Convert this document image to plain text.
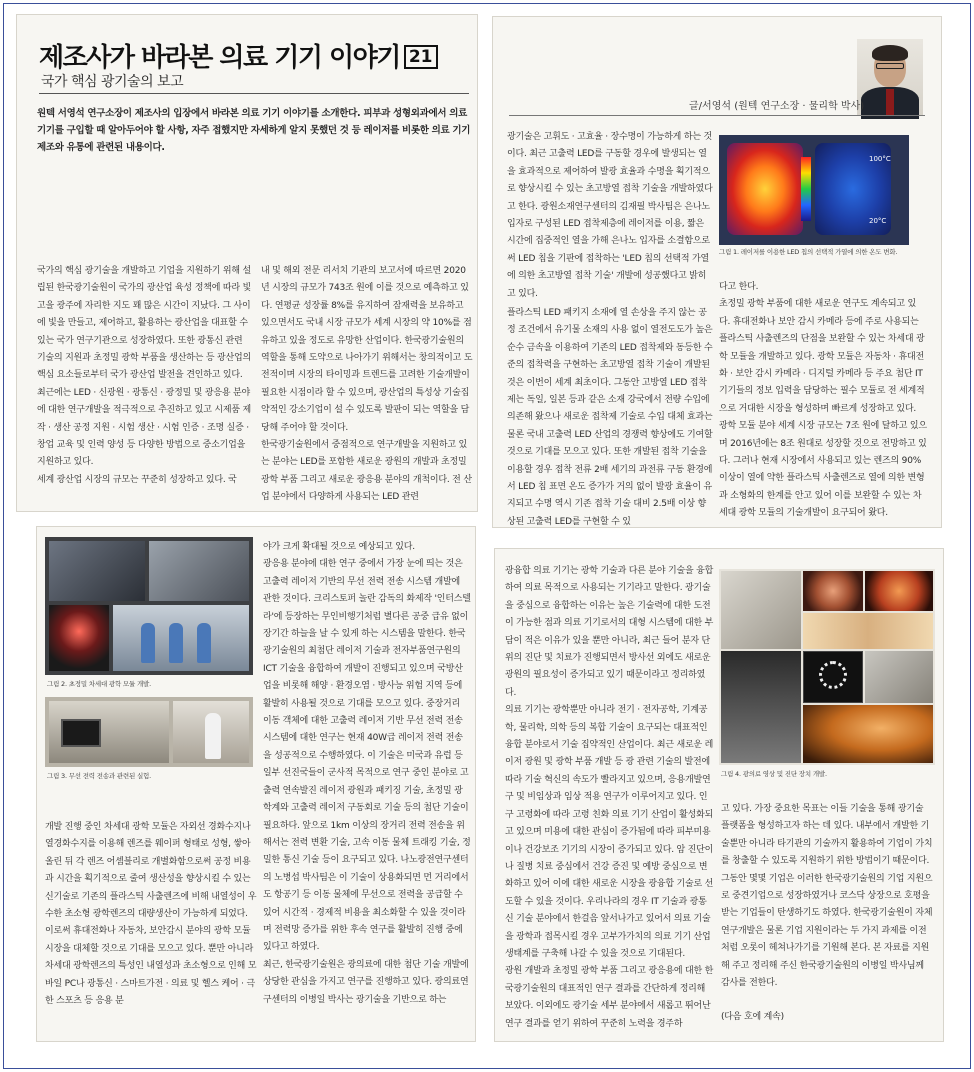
제조사가 바라본 의료 기기 이야기 21
국가 핵심 광기술의 보고
원텍 서영석 연구소장이 제조사의 입장에서 바라본 의료 기기 이야기를 소개한다. 피부과 성형외과에서 의료 기기를 구입할 때 알아두어야 할 사항, 자주 접했지만 자세하게 알지 못했던 것 등 레이저를 비롯한 의료 기기 제조와 유통에 관련된 내용이다.
국가의 핵심 광기술을 개발하고 기업을 지원하기 위해 설립된 한국광기술원이 국가의 광산업 육성 정책에 따라 빛고을 광주에 자리한 지도 꽤 많은 시간이 지났다. 그 사이에 빛을 만들고, 제어하고, 활용하는 광산업을 대표할 수 있는 국가 연구기관으로 성장하였다. 또한 광통신 관련 기술의 지원과 초정밀 광학 부품을 생산하는 등 광산업의 핵심 요소들로부터 국가 광산업 발전을 견인하고 있다. 최근에는 LED · 신광원 · 광통신 · 광정밀 및 광응용 분야에 대한 연구개발을 적극적으로 추진하고 있고 시제품 제작 · 생산 공정 지원 · 시험 생산 · 시험 인증 · 조명 실증 · 창업 교육 및 인력 양성 등 다양한 방법으로 중소기업을 지원하고 있다.
세계 광산업 시장의 규모는 꾸준히 성장하고 있다. 국
내 및 해외 전문 리서치 기관의 보고서에 따르면 2020년 시장의 규모가 743조 원에 이를 것으로 예측하고 있다. 연평균 성장률 8%를 유지하여 잠재력을 보유하고 있으면서도 국내 시장 규모가 세계 시장의 약 10%를 점유하고 있을 정도로 유망한 산업이다. 한국광기술원의 역할을 통해 도약으로 나아가기 위해서는 창의적이고 도전적이며 시장의 타이밍과 트렌드를 고려한 기술개발이 필요한 시점이라 할 수 있으며, 광산업의 특성상 기술집약적인 강소기업이 설 수 있도록 발판이 되는 역할을 담당해 주어야 할 것이다.
한국광기술원에서 중점적으로 연구개발을 지원하고 있는 분야는 LED를 포함한 새로운 광원의 개발과 초정밀 광학 부품 그리고 새로운 광응용 분야의 개척이다. 전 산업 분야에서 다양하게 사용되는 LED 관련
글/서영석 (원텍 연구소장 · 물리학 박사)
광기술은 고휘도 · 고효율 · 장수명이 가능하게 하는 것이다. 최근 고출력 LED를 구동할 경우에 발생되는 열을 효과적으로 제어하여 발광 효율과 수명을 획기적으로 향상시킬 수 있는 초고방열 접착 기술을 개발하였다고 한다. 광원소재연구센터의 김재필 박사팀은 은나노 입자로 구성된 LED 접착제층에 레이저를 이용, 짧은 시간에 집중적인 열을 가해 은나노 입자를 소결함으로써 LED 칩을 기판에 접착하는 'LED 칩의 선택적 가열에 의한 초고방열 접착 기술' 개발에 성공했다고 밝히고 있다.
100°C
20°C
그림 1. 레이저를 이용한 LED 칩의 선택적 가열에 의한 온도 변화.
플라스틱 LED 패키지 소재에 열 손상을 주지 않는 공정 조건에서 유기물 소재의 사용 없이 열전도도가 높은 순수 금속을 이용하여 기존의 LED 접착제와 동등한 수준의 접착력을 구현하는 초고방열 접착 기술이 개발된 것은 이번이 세계 최초이다. 그동안 고방열 LED 접착제는 독일, 일본 등과 같은 소재 강국에서 전량 수입에 의존해 왔으나 새로운 접착제 기술로 수입 대체 효과는 물론 국내 고출력 LED 산업의 경쟁력 향상에도 기여할 것으로 기대를 모으고 있다. 또한 개발된 접착 기술을 이용할 경우 접착 전류 2배 세기의 과전류 구동 환경에서 LED 칩 표면 온도 증가가 거의 없이 발광 효율이 유지되고 수명 역시 기존 접착 기술 대비 2.5배 이상 향상된 고출력 LED를 구현할 수 있
다고 한다.
초정밀 광학 부품에 대한 새로운 연구도 계속되고 있다. 휴대전화나 보안 감시 카메라 등에 주로 사용되는 플라스틱 사출렌즈의 단점을 보완할 수 있는 차세대 광학 모듈을 개발하고 있다. 광학 모듈은 자동차 · 휴대전화 · 보안 감시 카메라 · 디지털 카메라 등 주요 첨단 IT 기기들의 정보 입력을 담당하는 필수 모듈로 전 세계적으로 거대한 시장을 형성하며 빠르게 성장하고 있다. 광학 모듈 분야 세계 시장 규모는 7조 원에 달하고 있으며 2016년에는 8조 원대로 성장할 것으로 전망하고 있다. 그러나 현재 시장에서 사용되고 있는 렌즈의 90% 이상이 열에 약한 플라스틱 사출렌즈로 열에 의한 변형과 소형화의 한계를 안고 있어 이를 보완할 수 있는 차세대 광학 모듈의 기술개발이 요구되어 왔다.
그림 2. 초정밀 차세대 광학 모듈 개발.
그림 3. 무선 전력 전송과 관련된 실험.
개발 진행 중인 차세대 광학 모듈은 자외선 경화수지나 열경화수지를 이용해 렌즈를 웨이퍼 형태로 성형, 쌓아올린 뒤 각 렌즈 어셈블리로 개별화함으로써 공정 비용과 시간을 획기적으로 줄여 생산성을 향상시킬 수 있는 신기술로 기존의 플라스틱 사출렌즈에 비해 내열성이 우수한 초소형 광학렌즈의 대량생산이 가능하게 되었다. 이로써 휴대전화나 자동차, 보안감시 분야의 광학 모듈 시장을 대체할 것으로 기대를 모으고 있다. 뿐만 아니라 차세대 광학렌즈의 특성인 내열성과 초소형으로 인해 모바일 PC나 광통신 · 스마트가전 · 의료 및 헬스 케어 · 극한 스포츠 등 응용 분
야가 크게 확대될 것으로 예상되고 있다.
광응용 분야에 대한 연구 중에서 가장 눈에 띄는 것은 고출력 레이저 기반의 무선 전력 전송 시스템 개발에 관한 것이다. 크리스토퍼 놀란 감독의 화제작 '인터스텔라'에 등장하는 무인비행기처럼 별다른 공중 급유 없이 장기간 하늘을 날 수 있게 하는 시스템을 말한다. 한국광기술원의 최첨단 레이저 기술과 전자부품연구원의 ICT 기술을 융합하여 개발이 진행되고 있으며 국방산업을 비롯해 해양 · 환경오염 · 방사능 위험 지역 등에 활발히 사용될 것으로 기대를 모으고 있다. 중장거리 이동 객체에 대한 고출력 레이저 기반 무선 전력 전송 시스템에 대한 연구는 현재 40W급 레이저 전력 전송을 성공적으로 수행하였다. 이 기술은 미국과 유럽 등 일부 선진국들이 군사적 목적으로 연구 중인 분야로 고출력 연속발진 레이저 광원과 패키징 기술, 초정밀 광학계와 고출력 레이저 구동회로 기술 등의 첨단 기술이 필요하다. 앞으로 1km 이상의 장거리 전력 전송을 위해서는 전력 변환 기술, 고속 이동 물체 트래킹 기술, 정밀한 통신 기술 등이 요구되고 있다. 나노광전연구센터의 노병섭 박사팀은 이 기술이 상용화되면 먼 거리에서도 항공기 등 이동 물체에 무선으로 전력을 공급할 수 있어 시간적 · 경제적 비용을 최소화할 수 있을 것이라며 전력망 증가를 위한 후속 연구를 활발히 진행 중에 있다고 하였다.
최근, 한국광기술원은 광의료에 대한 첨단 기술 개발에 상당한 관심을 가지고 연구를 진행하고 있다. 광의료연구센터의 이병일 박사는 광기술을 기반으로 하는
광융합 의료 기기는 광학 기술과 다른 분야 기술을 융합하여 의료 목적으로 사용되는 기기라고 말한다. 광기술을 중심으로 융합하는 이유는 높은 기술력에 대한 도전이 가능한 점과 의료 기기로서의 대형 시스템에 대한 부담이 적은 이유가 있을 뿐만 아니라, 최근 들어 분자 단위의 진단 및 치료가 진행되면서 방사선 외에도 새로운 광원의 필요성이 증가되고 있기 때문이라고 정리하였다.
의료 기기는 광학뿐만 아니라 전기 · 전자공학, 기계공학, 물리학, 의학 등의 복합 기술이 요구되는 대표적인 융합 분야로서 기술 집약적인 산업이다. 최근 새로운 레이저 광원 및 광학 부품 개발 등 광 관련 기술의 발전에 따라 기술 혁신의 속도가 빨라지고 있으며, 응용개발연구 및 비임상과 임상 적용 연구가 이루어지고 있다. 인구 고령화에 따라 고령 친화 의료 기기 산업이 활성화되고 있으며 미용에 대한 관심이 증가됨에 따라 피부미용이나 건강보조 기기의 시장이 증가되고 있다. 암 진단이나 질병 치료 중심에서 건강 증진 및 예방 중심으로 변화하고 있어 이에 대한 새로운 시장을 광융합 기술로 선도할 수 있을 것이다. 우리나라의 경우 IT 기술과 광통신 기술 분야에서 한걸음 앞서나가고 있어서 의료 기술을 광학과 접목시킬 경우 고부가가치의 의료 기기 산업 생태계를 구축해 나갈 수 있을 것으로 기대된다.
광원 개발과 초정밀 광학 부품 그리고 광응용에 대한 한국광기술원의 대표적인 연구 결과를 간단하게 정리해 보았다. 이외에도 광기술 세부 분야에서 새롭고 뛰어난 연구 결과를 얻기 위하여 꾸준히 노력을 경주하
그림 4. 광의료 영상 및 진단 장치 개발.
고 있다. 가장 중요한 목표는 이들 기술을 통해 광기술 플랫폼을 형성하고자 하는 데 있다. 내부에서 개발한 기술뿐만 아니라 타기관의 기술까지 활용하여 기업이 가치를 창출할 수 있도록 지원하기 위한 방법이기 때문이다. 그동안 몇몇 기업은 이러한 한국광기술원의 기업 지원으로 중견기업으로 성장하였거나 코스닥 상장으로 호평을 받는 기업들이 탄생하기도 하였다. 한국광기술원이 자체 연구개발은 물론 기업 지원이라는 두 가지 과제를 이전처럼 오롯이 헤쳐나가기를 기원해 본다. 본 자료를 지원해 주고 정리해 주신 한국광기술원의 이병일 박사님께 감사를 전한다.
(다음 호에 계속)
